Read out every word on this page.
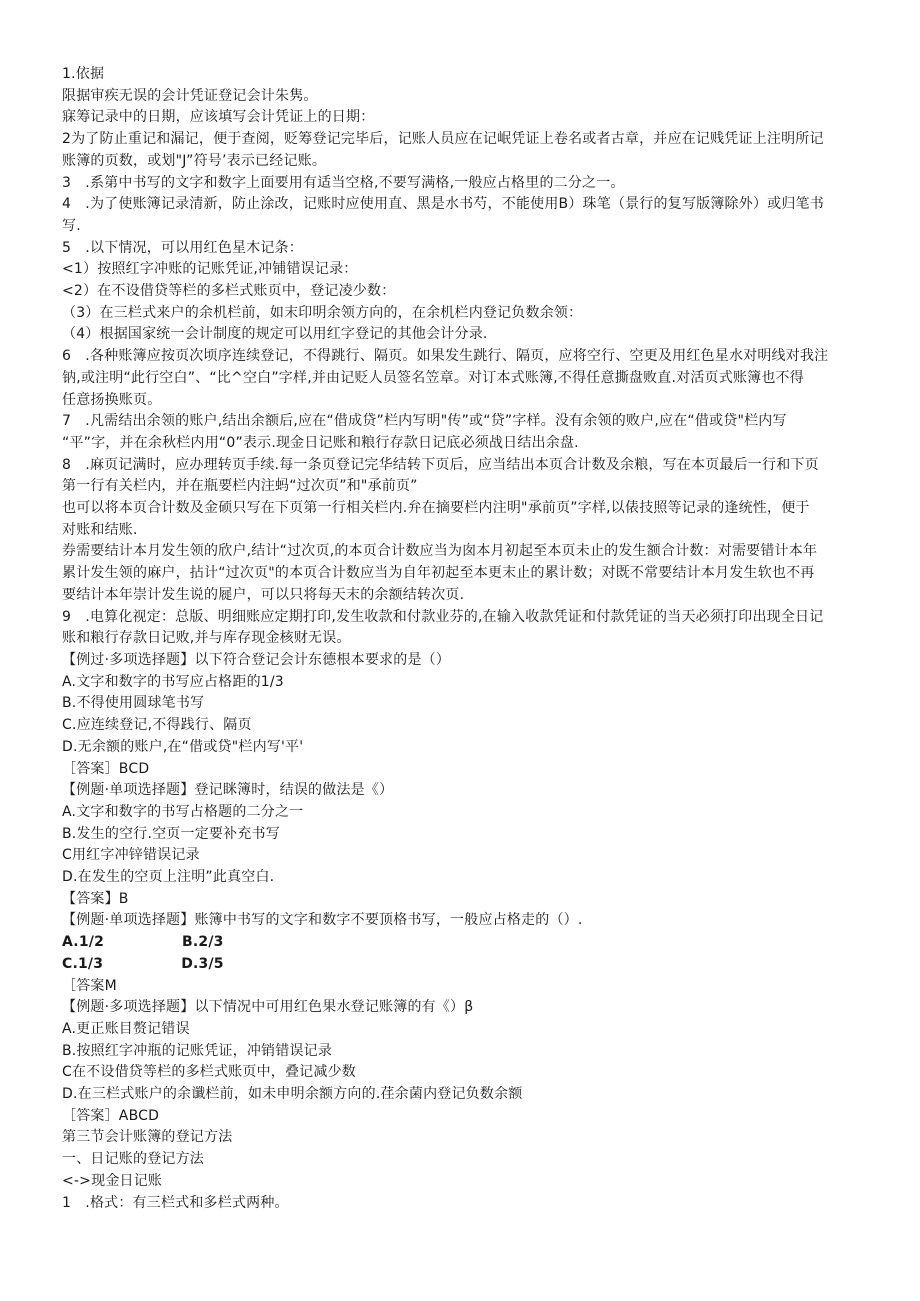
1.依据
限据审疾无误的会计凭证登记会计朱隽。
寐筹记录中的日期，应该填写会计凭证上的日期：
2为了防止重记和漏记，便于查阅，贬筹登记完毕后，记账人员应在记岷凭证上卷名或者古章，并应在记贱凭证上注明所记
账簿的页数，或划"J”符号’表示已经记账。
3　.系第中书写的文字和数字上面要用有适当空格,不要写满格,一般应占格里的二分之一。
4　.为了使账簿记录清新，防止涂改，记账时应使用直、黑是水书芍，不能使用B）珠笔（景行的复写版簿除外）或归笔书
写.
5　.以下情况，可以用红色星木记条：
<1）按照红字冲账的记账凭证,冲铺错误记录：
<2）在不设借贷等栏的多栏式账页中，登记凌少数：
（3）在三栏式来户的余机栏前，如末印明余领方向的，在余机栏内登记负数余领：
（4）根据国家统一会计制度的规定可以用红字登记的其他会计分录.
6　.各种账簿应按页次顷序连续登记，不得跳行、隔页。如果发生跳行、隔页，应将空行、空更及用红色星水对明线对我注
钠,或注明“此行空白”、“比^空白”字样,并由记贬人员签名笠章。对订本式账簿,不得任意撕盘败直.对活页式账簿也不得
任意扬换账页。
7　.凡需结出余领的账户,结出余额后,应在“借成贷”栏内写明"传”或“贷”字样。没有余领的败户,应在“借或贷"栏内写
“平”字，并在余秋栏内用“0”表示.现金日记账和粮行存款日记底必须战日结出余盘.
8　.麻页记满时，应办理转页手续.每一条页登记完华结转下页后，应当结出本页合计数及余粮，写在本页最后一行和下页
第一行有关栏内，并在瓶要栏内注蚂“过次页”和"承前页”
也可以将本页合计数及金硕只写在下页第一行相关栏内.弁在摘要栏内注明"承前页”字样,以俵技照等记录的逢统性，便于
对账和结账.
券需要结计本月发生领的欣户,结计“过次页,的本页合计数应当为囱本月初起至本页未止的发生额合计数：对需要错计本年
累计发生领的麻户，拈计“过次页"的本页合计数应当为自年初起至本更末止的累计数；对既不常要结计本月发生软也不再
要结计本年崇计发生说的屣户，可以只将每天末的余额结转次页.
9　.电算化视定：总版、明细账应定期打印,发生收款和付款业芬的,在输入收款凭证和付款凭证的当天必须打印出现全日记
账和粮行存款日记败,并与库存现金核财无误。
【例过·多项选择题】以下符合登记会计东德根本要求的是（）
A.文字和数字的书写应占格距的1/3
B.不得使用圆球笔书写
C.应连续登记,不得践行、隔页
D.无余额的账户,在“借或贷"栏内写'平'
［答案］BCD
【例题·单项选择题】登记眯簿时，结误的做法是《）
A.文字和数字的书写占格题的二分之一
B.发生的空行.空页一定要补充书写
C用红字冲锌错误记录
D.在发生的空页上注明”此真空白.
【答案】B
【例题·单项选择题】账簿中书写的文字和数字不要顶格书写，一般应占格走的（）.
A.1/2	B.2/3
C.1/3	D.3/5
［答案M
【例题·多项选择题】以下情况中可用红色果水登记账簿的有《）β
A.更正账目赘记错误
B.按照红字冲瓶的记账凭证，冲销错误记录
C在不设借贷等栏的多栏式账页中，叠记减少数
D.在三栏式账户的余谶栏前，如未申明余额方向的.荏余菌内登记负数余额
［答案］ABCD
第三节会计账簿的登记方法
一、日记账的登记方法
<->现金日记账
1　.格式：有三栏式和多栏式两种。
